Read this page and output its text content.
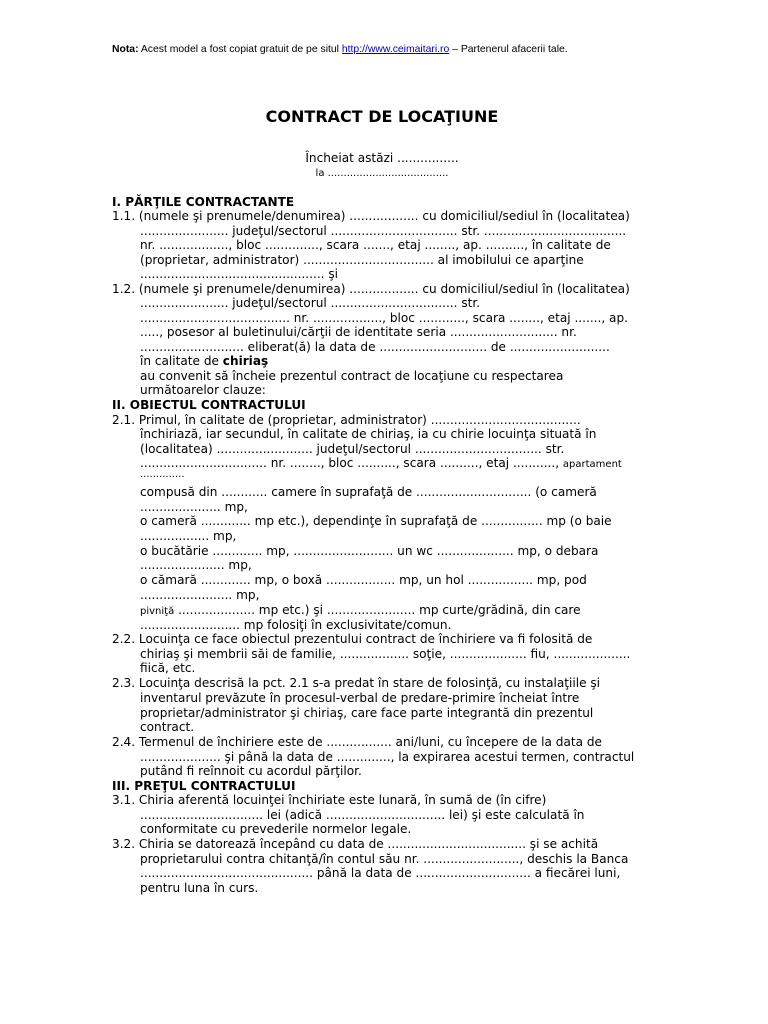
Nota: Acest model a fost copiat gratuit de pe situl http://www.ceimaitari.ro – Partenerul afacerii tale.
CONTRACT DE LOCAŢIUNE
Încheiat astăzi ................
la ......................................
I. PĂRŢILE CONTRACTANTE
1.1. (numele şi prenumele/denumirea) .................. cu domiciliul/sediul în (localitatea)
....................... judeţul/sectorul ................................. str. .....................................
nr. .................., bloc .............., scara ......., etaj ........, ap. .........., în calitate de
(proprietar, administrator) .................................. al imobilului ce aparţine
................................................ şi
1.2. (numele şi prenumele/denumirea) .................. cu domiciliul/sediul în (localitatea)
....................... judeţul/sectorul ................................. str.
....................................... nr. .................., bloc ............, scara ........, etaj ......., ap.
....., posesor al buletinului/cărţii de identitate seria ............................ nr.
........................... eliberat(ă) la data de ............................ de ..........................
în calitate de chiriaş
au convenit să încheie prezentul contract de locaţiune cu respectarea
următoarelor clauze:
II. OBIECTUL CONTRACTULUI
2.1. Primul, în calitate de (proprietar, administrator) .......................................
închiriază, iar secundul, în calitate de chiriaş, ia cu chirie locuinţa situată în
(localitatea) ......................... judeţul/sectorul ................................. str.
................................. nr. ........, bloc .........., scara .........., etaj ..........., apartament
..............
compusă din ............ camere în suprafaţă de .............................. (o cameră
..................... mp,
o cameră ............. mp etc.), dependinţe în suprafaţă de ................ mp (o baie
.................. mp,
o bucătărie ............. mp, .......................... un wc .................... mp, o debara
...................... mp,
o cămară ............. mp, o boxă .................. mp, un hol ................. mp, pod
........................ mp,
pivniţă .................... mp etc.) şi ....................... mp curte/grădină, din care
.......................... mp folosiţi în exclusivitate/comun.
2.2. Locuinţa ce face obiectul prezentului contract de închiriere va fi folosită de
chiriaş şi membrii săi de familie, .................. soţie, .................... fiu, ....................
fiică, etc.
2.3. Locuinţa descrisă la pct. 2.1 s-a predat în stare de folosinţă, cu instalaţiile şi
inventarul prevăzute în procesul-verbal de predare-primire încheiat între
proprietar/administrator şi chiriaş, care face parte integrantă din prezentul
contract.
2.4. Termenul de închiriere este de ................. ani/luni, cu începere de la data de
..................... şi până la data de .............., la expirarea acestui termen, contractul
putând fi reînnoit cu acordul părţilor.
III. PREŢUL CONTRACTULUI
3.1. Chiria aferentă locuinţei închiriate este lunară, în sumă de (în cifre)
................................ lei (adică ............................... lei) şi este calculată în
conformitate cu prevederile normelor legale.
3.2. Chiria se datorează începând cu data de .................................... şi se achită
proprietarului contra chitanţă/în contul său nr. ........................., deschis la Banca
............................................. până la data de .............................. a fiecărei luni,
pentru luna în curs.
